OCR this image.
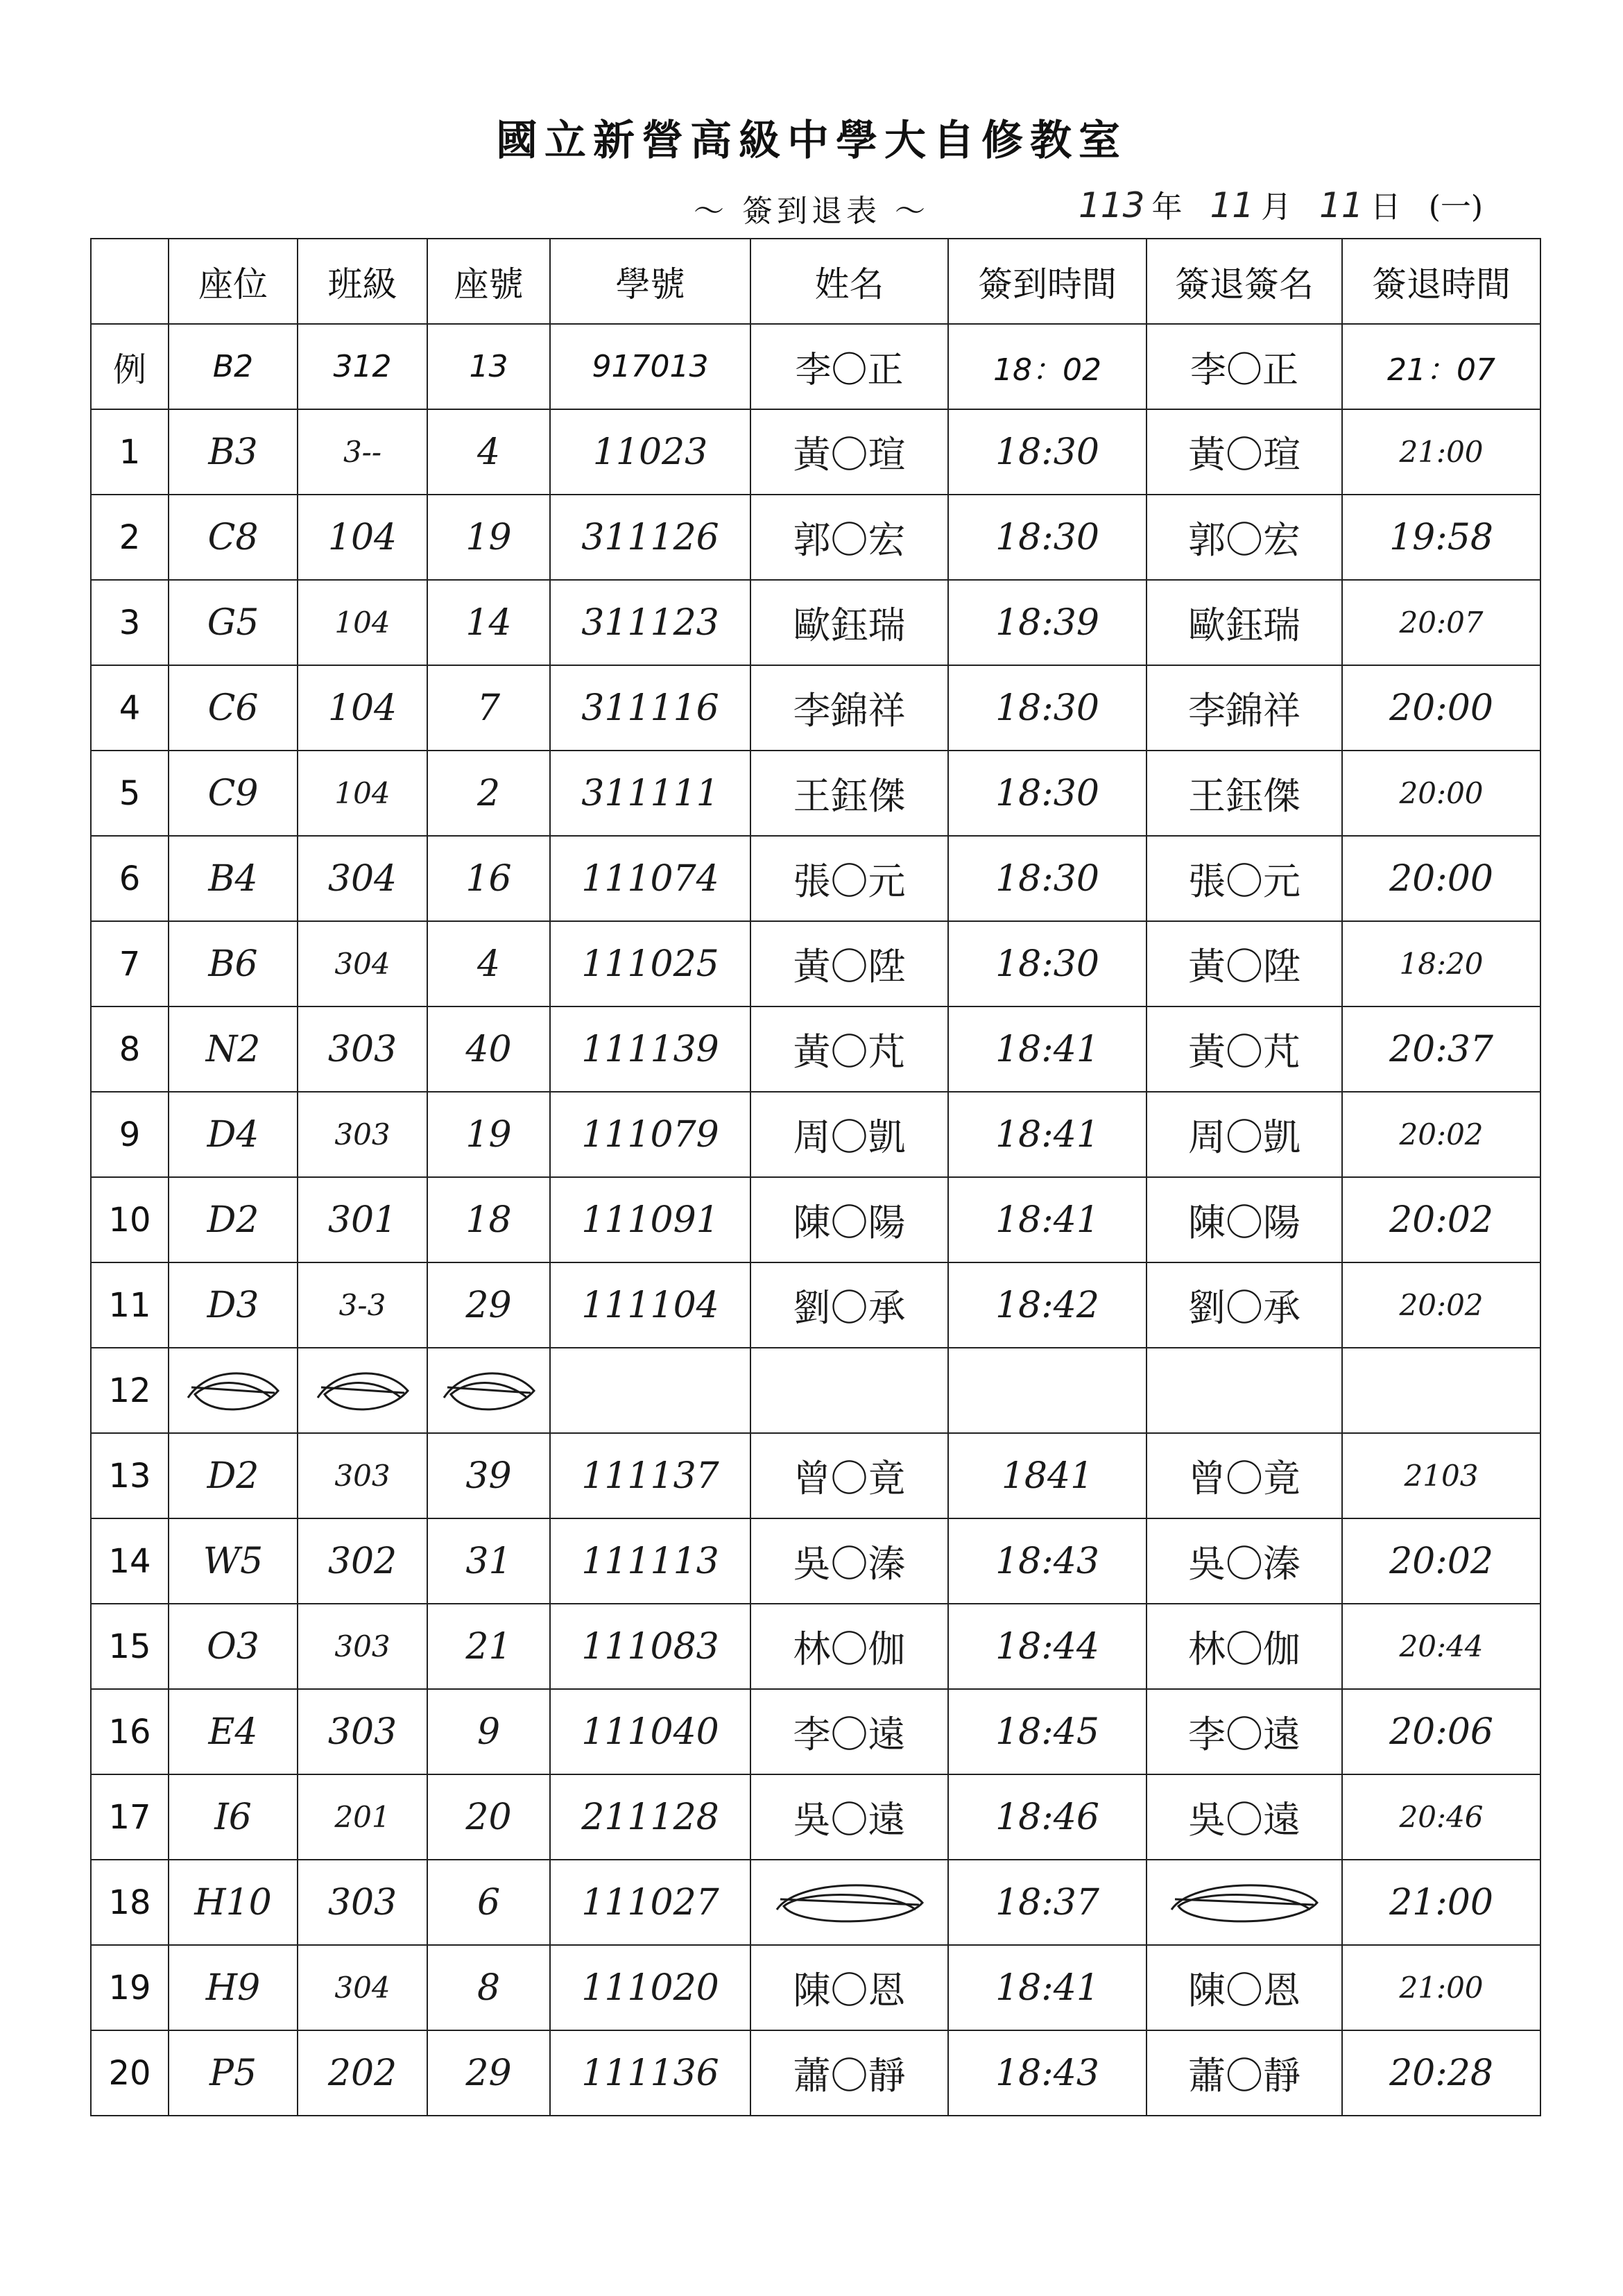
國立新營高級中學大自修教室
～ 簽到退表 ～	113 年 11 月 11 日 (一)
	座位	班級	座號	學號	姓名	簽到時間	簽退簽名	簽退時間
例	B2	312	13	917013	李〇正	18：02	李〇正	21：07
1	B3	3--	4	11023	黃〇瑄	18:30	黃〇瑄	21:00
2	C8	104	19	311126	郭〇宏	18:30	郭〇宏	19:58
3	G5	104	14	311123	歐鈺瑞	18:39	歐鈺瑞	20:07
4	C6	104	7	311116	李錦祥	18:30	李錦祥	20:00
5	C9	104	2	311111	王鈺傑	18:30	王鈺傑	20:00
6	B4	304	16	111074	張〇元	18:30	張〇元	20:00
7	B6	304	4	111025	黃〇陞	18:30	黃〇陞	18:20
8	N2	303	40	111139	黃〇芃	18:41	黃〇芃	20:37
9	D4	303	19	111079	周〇凱	18:41	周〇凱	20:02
10	D2	301	18	111091	陳〇陽	18:41	陳〇陽	20:02
11	D3	3-3	29	111104	劉〇承	18:42	劉〇承	20:02
12	

13	D2	303	39	111137	曾〇竟	1841	曾〇竟	2103
14	W5	302	31	111113	吳〇溱	18:43	吳〇溱	20:02
15	O3	303	21	111083	林〇伽	18:44	林〇伽	20:44
16	E4	303	9	111040	李〇遠	18:45	李〇遠	20:06
17	I6	201	20	211128	吳〇遠	18:46	吳〇遠	20:46
18	H10	303	6	111027		18:37		21:00
19	H9	304	8	111020	陳〇恩	18:41	陳〇恩	21:00
20	P5	202	29	111136	蕭〇靜	18:43	蕭〇靜	20:28
